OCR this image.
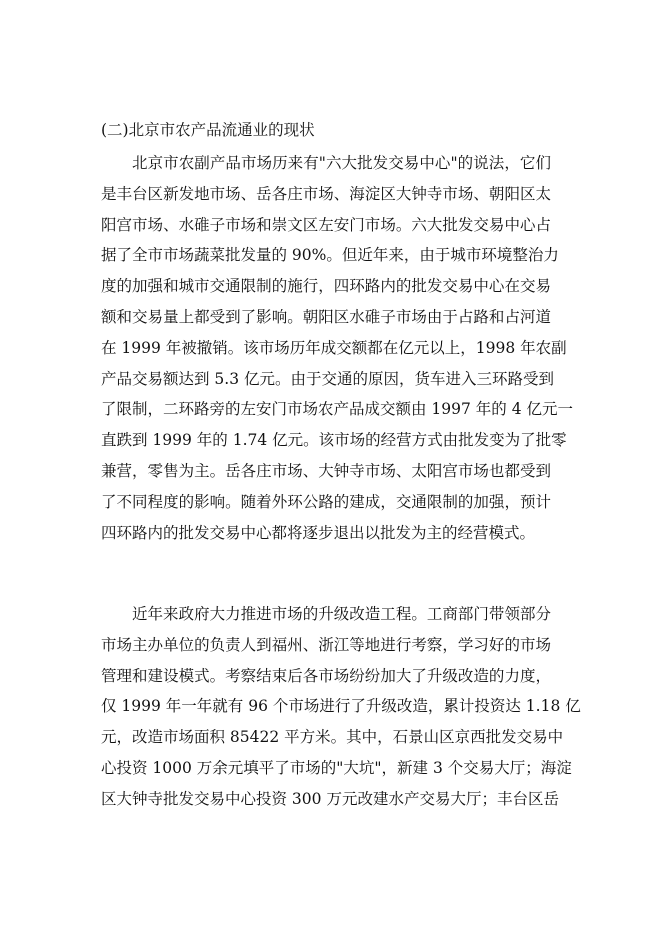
(二)北京市农产品流通业的现状
北京市农副产品市场历来有"六大批发交易中心"的说法，它们
是丰台区新发地市场、岳各庄市场、海淀区大钟寺市场、朝阳区太
阳宫市场、水碓子市场和崇文区左安门市场。六大批发交易中心占
据了全市市场蔬菜批发量的 90%。但近年来，由于城市环境整治力
度的加强和城市交通限制的施行，四环路内的批发交易中心在交易
额和交易量上都受到了影响。朝阳区水碓子市场由于占路和占河道
在 1999 年被撤销。该市场历年成交额都在亿元以上，1998 年农副
产品交易额达到 5.3 亿元。由于交通的原因，货车进入三环路受到
了限制，二环路旁的左安门市场农产品成交额由 1997 年的 4 亿元一
直跌到 1999 年的 1.74 亿元。该市场的经营方式由批发变为了批零
兼营，零售为主。岳各庄市场、大钟寺市场、太阳宫市场也都受到
了不同程度的影响。随着外环公路的建成，交通限制的加强，预计
四环路内的批发交易中心都将逐步退出以批发为主的经营模式。
近年来政府大力推进市场的升级改造工程。工商部门带领部分
市场主办单位的负责人到福州、浙江等地进行考察，学习好的市场
管理和建设模式。考察结束后各市场纷纷加大了升级改造的力度，
仅 1999 年一年就有 96 个市场进行了升级改造，累计投资达 1.18 亿
元，改造市场面积 85422 平方米。其中，石景山区京西批发交易中
心投资 1000 万余元填平了市场的"大坑"，新建 3 个交易大厅；海淀
区大钟寺批发交易中心投资 300 万元改建水产交易大厅；丰台区岳
